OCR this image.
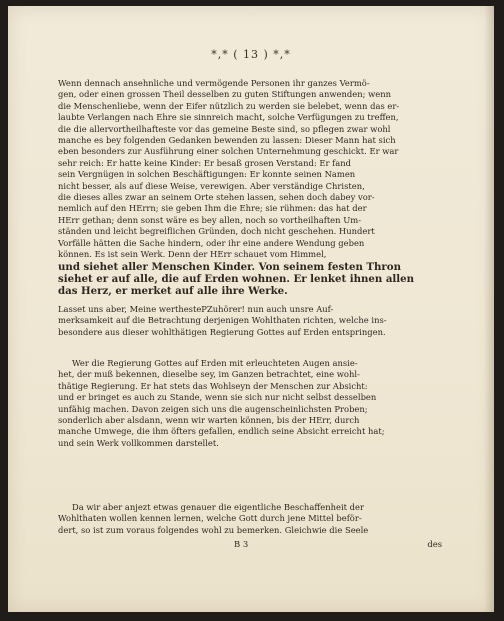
*,* ( 13 ) *,*
Wenn dennach ansehnliche und vermögende Personen ihr ganzes Vermö-
gen, oder einen grossen Theil desselben zu guten Stiftungen anwenden; wenn
die Menschenliebe, wenn der Eifer nützlich zu werden sie belebet, wenn das er-
laubte Verlangen nach Ehre sie sinnreich macht, solche Verfügungen zu treffen,
die die allervortheilhafteste vor das gemeine Beste sind, so pflegen zwar wohl
manche es bey folgenden Gedanken bewenden zu lassen: Dieser Mann hat sich
eben besonders zur Ausführung einer solchen Unternehmung geschickt. Er war
sehr reich: Er hatte keine Kinder: Er besaß grosen Verstand: Er fand
sein Vergnügen in solchen Beschäftigungen: Er konnte seinen Namen
nicht besser, als auf diese Weise, verewigen. Aber verständige Christen,
die dieses alles zwar an seinem Orte stehen lassen, sehen doch dabey vor-
nemlich auf den HErrn; sie geben Ihm die Ehre; sie rühmen: das hat der
HErr gethan; denn sonst wäre es bey allen, noch so vortheilhaften Um-
ständen und leicht begreiflichen Gründen, doch nicht geschehen. Hundert
Vorfälle hätten die Sache hindern, oder ihr eine andere Wendung geben
können. Es ist sein Werk. Denn der HErr schauet vom Himmel,
und siehet aller Menschen Kinder. Von seinem festen Thron
siehet er auf alle, die auf Erden wohnen. Er lenket ihnen allen
das Herz, er merket auf alle ihre Werke.
Lasset uns aber, Meine werthestePZuhörer! nun auch unsre Auf-
merksamkeit auf die Betrachtung derjenigen Wohlthaten richten, welche ins-
besondere aus dieser wohlthätigen Regierung Gottes auf Erden entspringen.
Wer die Regierung Gottes auf Erden mit erleuchteten Augen ansie-
het, der muß bekennen, dieselbe sey, im Ganzen betrachtet, eine wohl-
thätige Regierung. Er hat stets das Wohlseyn der Menschen zur Absicht:
und er bringet es auch zu Stande, wenn sie sich nur nicht selbst desselben
unfähig machen. Davon zeigen sich uns die augenscheinlichsten Proben;
sonderlich aber alsdann, wenn wir warten können, bis der HErr, durch
manche Umwege, die ihm öfters gefallen, endlich seine Absicht erreicht hat;
und sein Werk vollkommen darstellet.
Da wir aber anjezt etwas genauer die eigentliche Beschaffenheit der
Wohlthaten wollen kennen lernen, welche Gott durch jene Mittel beför-
dert, so ist zum voraus folgendes wohl zu bemerken. Gleichwie die Seele
B 3	des
